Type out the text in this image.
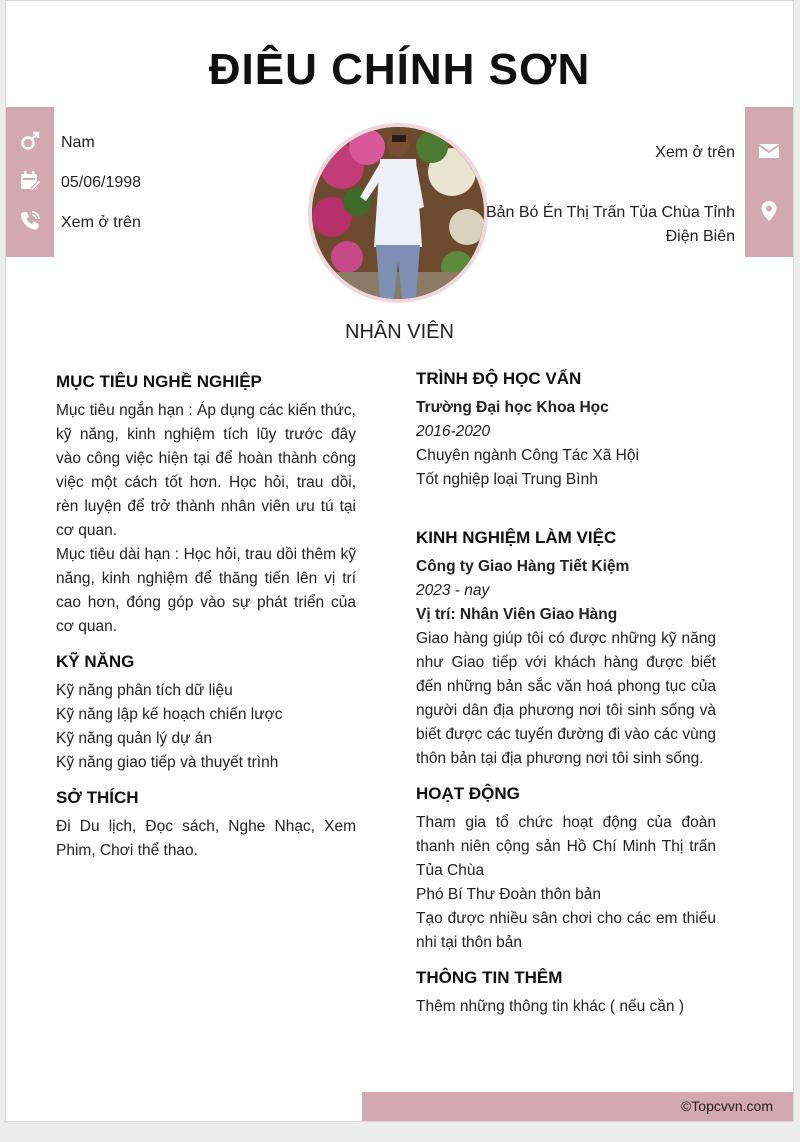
ĐIÊU CHÍNH SƠN
Nam
05/06/1998
Xem ở trên
Xem ở trên
Bản Bó Én Thị Trấn Tủa Chùa Tỉnh Điện Biên
NHÂN VIÊN
MỤC TIÊU NGHỀ NGHIỆP

Mục tiêu ngắn hạn : Áp dụng các kiến thức, kỹ năng, kinh nghiệm tích lũy trước đây vào công việc hiện tại để hoàn thành công việc một cách tốt hơn. Học hỏi, trau dồi, rèn luyện để trở thành nhân viên ưu tú tại cơ quan.

Mục tiêu dài hạn : Học hỏi, trau dồi thêm kỹ năng, kinh nghiệm để thăng tiến lên vị trí cao hơn, đóng góp vào sự phát triển của cơ quan.

KỸ NĂNG

Kỹ năng phân tích dữ liệu

Kỹ năng lập kế hoạch chiến lược

Kỹ năng quản lý dự án

Kỹ năng giao tiếp và thuyết trình

SỞ THÍCH

Đi Du lịch, Đọc sách, Nghe Nhạc, Xem Phim, Chơi thể thao.

TRÌNH ĐỘ HỌC VẤN

Trường Đại học Khoa Học

2016-2020

Chuyên ngành Công Tác Xã Hội

Tốt nghiệp loại Trung Bình

KINH NGHIỆM LÀM VIỆC

Công ty Giao Hàng Tiết Kiệm

2023 - nay

Vị trí: Nhân Viên Giao Hàng

Giao hàng giúp tôi có được những kỹ năng như Giao tiếp với khách hàng được biết đến những bản sắc văn hoá phong tục của người dân địa phương nơi tôi sinh sống và biết được các tuyến đường đi vào các vùng thôn bản tại địa phương nơi tôi sinh sống.

HOẠT ĐỘNG

Tham gia tổ chức hoạt động của đoàn thanh niên cộng sản Hồ Chí Minh Thị trấn Tủa Chùa

Phó Bí Thư Đoàn thôn bản

Tạo được nhiều sân chơi cho các em thiếu nhi tại thôn bản

THÔNG TIN THÊM

Thêm những thông tin khác ( nếu cần )

©Topcvvn.com
